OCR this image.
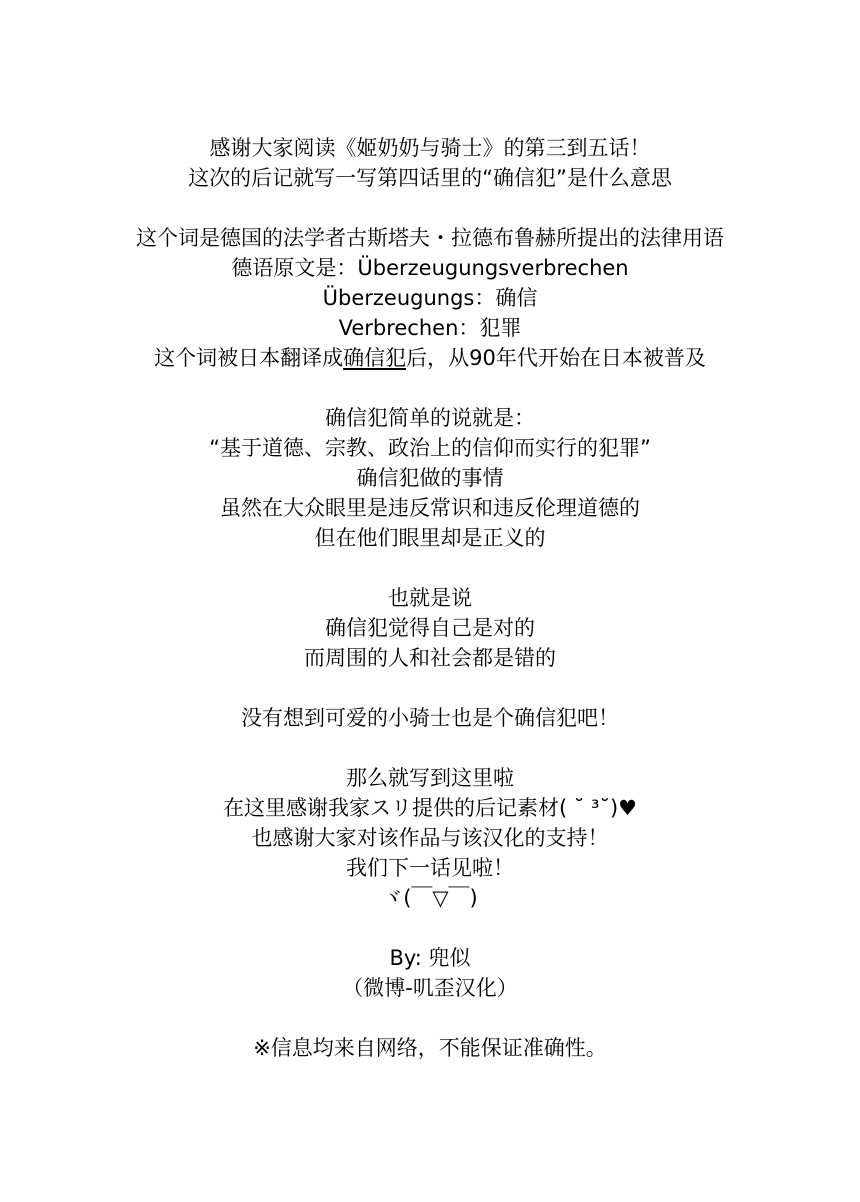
感谢大家阅读《姬奶奶与骑士》的第三到五话！
这次的后记就写一写第四话里的“确信犯”是什么意思
这个词是德国的法学者古斯塔夫・拉德布鲁赫所提出的法律用语
德语原文是：Überzeugungsverbrechen
Überzeugungs：确信
Verbrechen：犯罪
这个词被日本翻译成确信犯后，从90年代开始在日本被普及
确信犯简单的说就是：
“基于道德、宗教、政治上的信仰而实行的犯罪”
确信犯做的事情
虽然在大众眼里是违反常识和违反伦理道德的
但在他们眼里却是正义的
也就是说
确信犯觉得自己是对的
而周围的人和社会都是错的
没有想到可爱的小骑士也是个确信犯吧！
那么就写到这里啦
在这里感谢我家スリ提供的后记素材( ˘ ³˘)♥
也感谢大家对该作品与该汉化的支持！
我们下一话见啦！
ヾ(￣▽￣)
By: 兜似
（微博-叽歪汉化）
※信息均来自网络，不能保证准确性。
